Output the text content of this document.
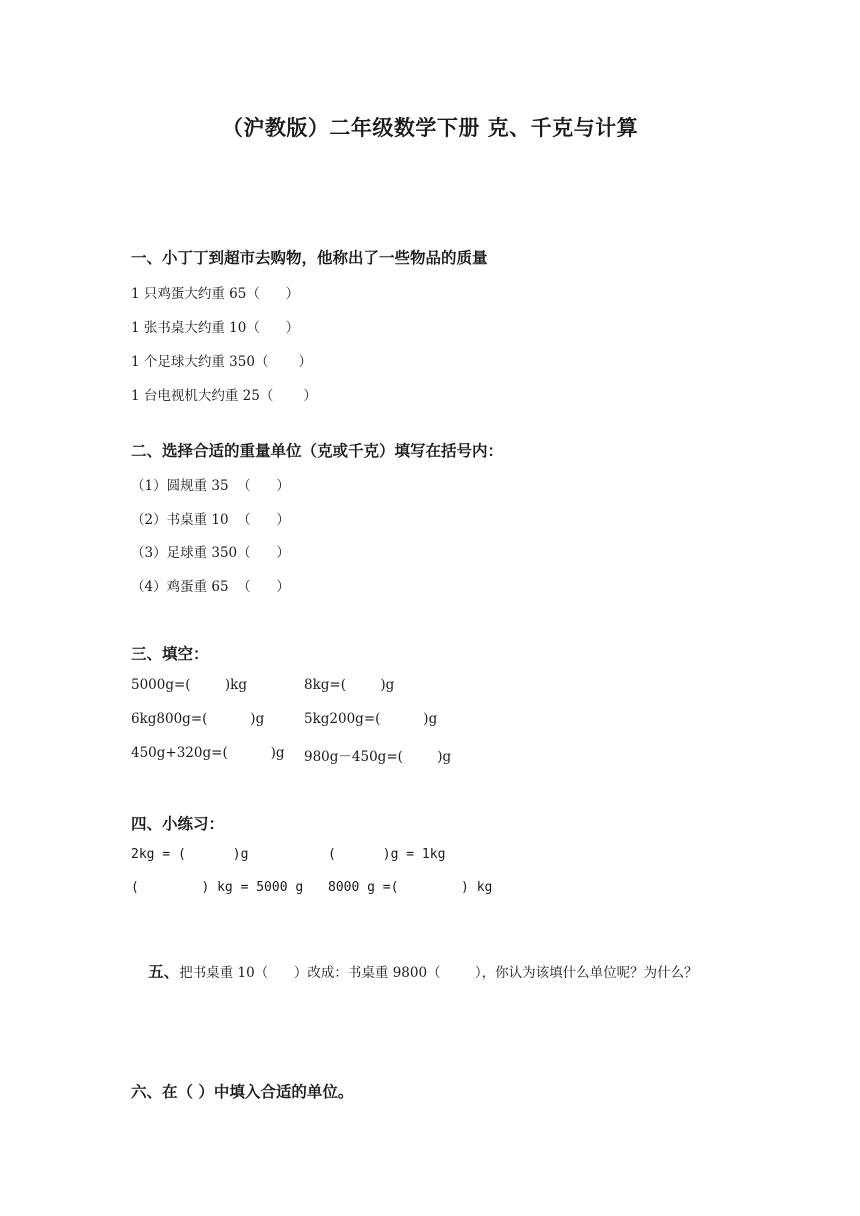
（沪教版）二年级数学下册 克、千克与计算
一、小丁丁到超市去购物，他称出了一些物品的质量
1 只鸡蛋大约重 65（      ）
1 张书桌大约重 10（      ）
1 个足球大约重 350（       ）
1 台电视机大约重 25（       ）
二、选择合适的重量单位（克或千克）填写在括号内：
（1）圆规重 35  （      ）
（2）书桌重 10  （      ）
（3）足球重 350（      ）
（4）鸡蛋重 65  （      ）
三、填空：
5000g=(        )kg	8kg=(        )g
6kg800g=(          )g	5kg200g=(          )g
450g+320g=(          )g 980g－450g=(        )g
四、小练习：
2kg = (      )g	(      )g = 1kg
(        ) kg = 5000 g 8000 g =(        ) kg

五、把书桌重 10（      ）改成：书桌重 9800（        ），你认为该填什么单位呢？为什么？

六、在（ ）中填入合适的单位。
